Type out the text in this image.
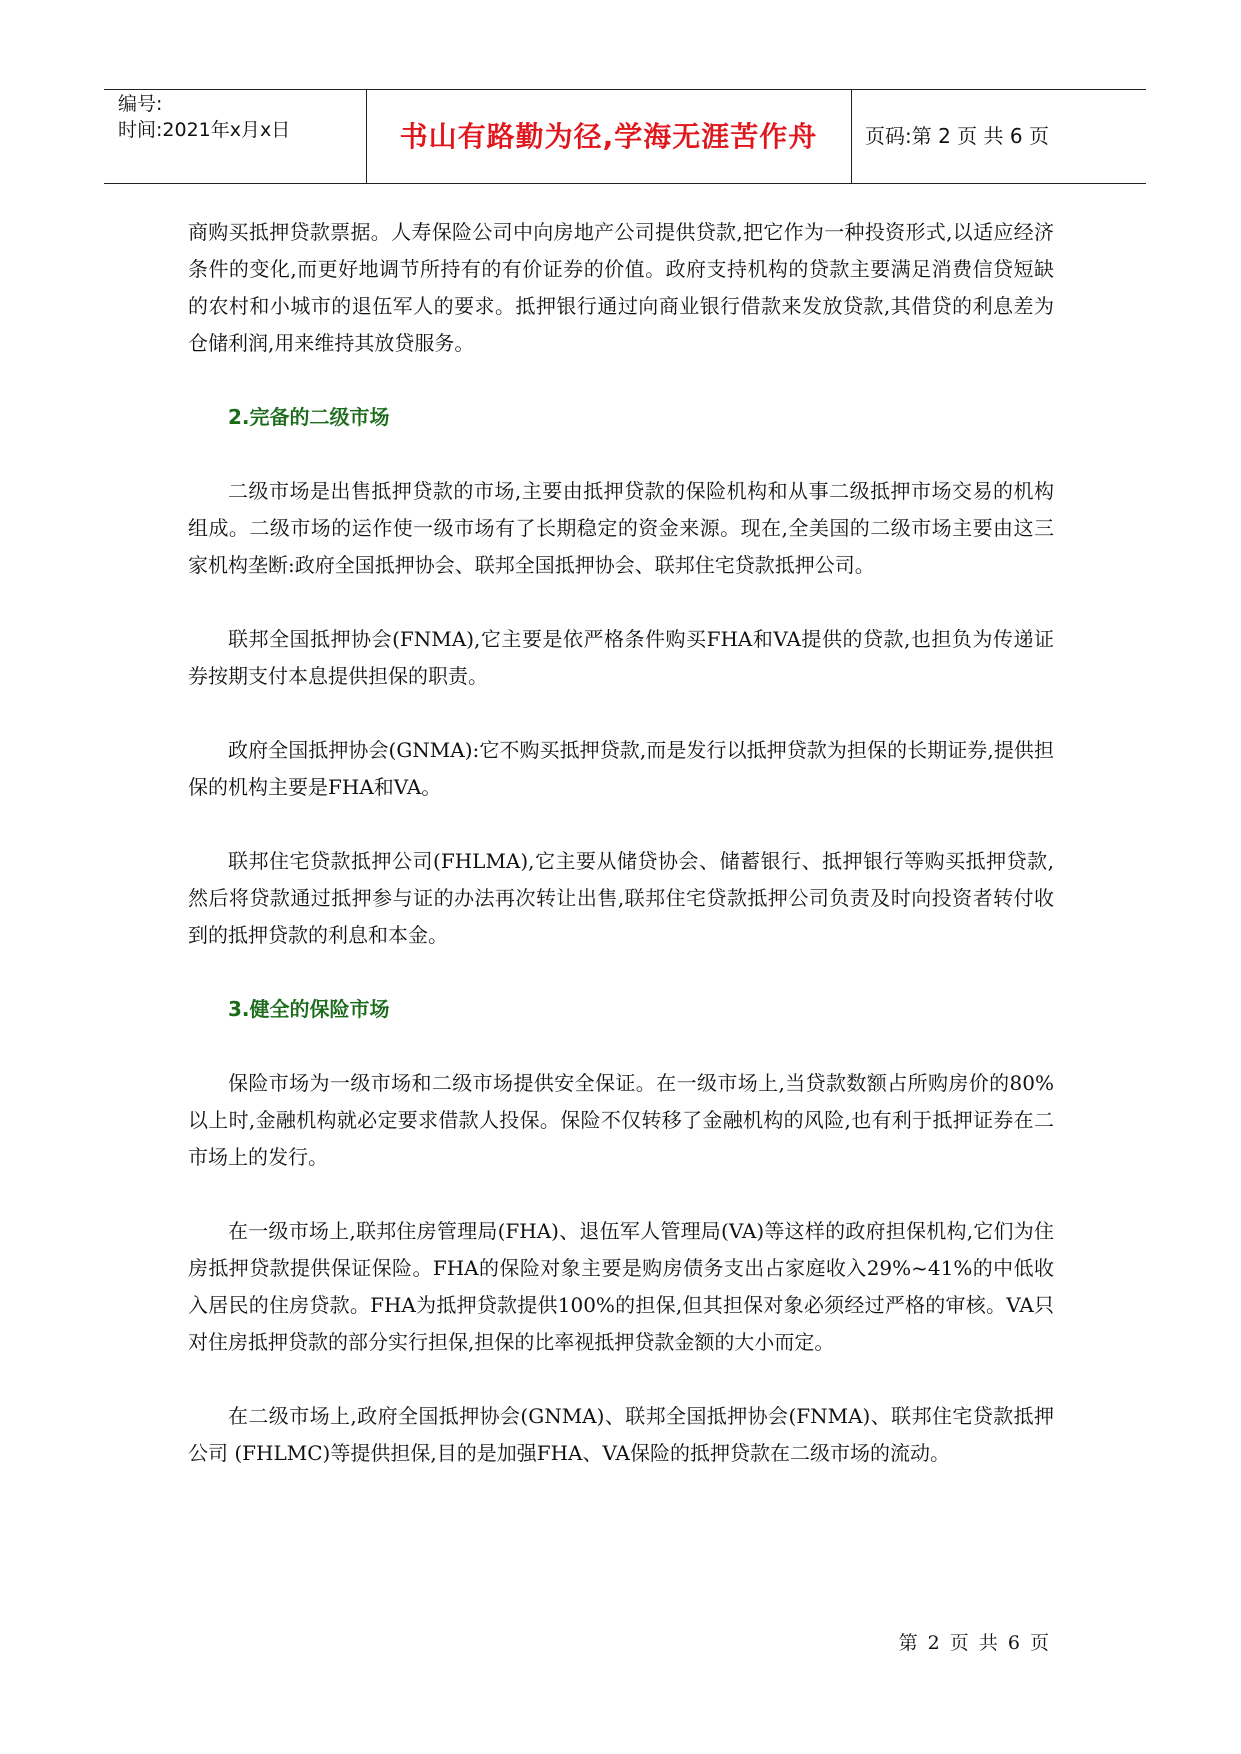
编号:
时间:2021年x月x日	书山有路勤为径,学海无涯苦作舟	页码:第 2 页 共 6 页

商购买抵押贷款票据。人寿保险公司中向房地产公司提供贷款,把它作为一种投资形式,以适应经济条件的变化,而更好地调节所持有的有价证券的价值。政府支持机构的贷款主要满足消费信贷短缺的农村和小城市的退伍军人的要求。抵押银行通过向商业银行借款来发放贷款,其借贷的利息差为仓储利润,用来维持其放贷服务。

2.完备的二级市场

二级市场是出售抵押贷款的市场,主要由抵押贷款的保险机构和从事二级抵押市场交易的机构组成。二级市场的运作使一级市场有了长期稳定的资金来源。现在,全美国的二级市场主要由这三家机构垄断:政府全国抵押协会、联邦全国抵押协会、联邦住宅贷款抵押公司。

联邦全国抵押协会(FNMA),它主要是依严格条件购买FHA和VA提供的贷款,也担负为传递证券按期支付本息提供担保的职责。

政府全国抵押协会(GNMA):它不购买抵押贷款,而是发行以抵押贷款为担保的长期证券,提供担保的机构主要是FHA和VA。

联邦住宅贷款抵押公司(FHLMA),它主要从储贷协会、储蓄银行、抵押银行等购买抵押贷款,然后将贷款通过抵押参与证的办法再次转让出售,联邦住宅贷款抵押公司负责及时向投资者转付收到的抵押贷款的利息和本金。

3.健全的保险市场

保险市场为一级市场和二级市场提供安全保证。在一级市场上,当贷款数额占所购房价的80%以上时,金融机构就必定要求借款人投保。保险不仅转移了金融机构的风险,也有利于抵押证券在二市场上的发行。

在一级市场上,联邦住房管理局(FHA)、退伍军人管理局(VA)等这样的政府担保机构,它们为住房抵押贷款提供保证保险。FHA的保险对象主要是购房债务支出占家庭收入29%~41%的中低收入居民的住房贷款。FHA为抵押贷款提供100%的担保,但其担保对象必须经过严格的审核。VA只对住房抵押贷款的部分实行担保,担保的比率视抵押贷款金额的大小而定。

在二级市场上,政府全国抵押协会(GNMA)、联邦全国抵押协会(FNMA)、联邦住宅贷款抵押公司 (FHLMC)等提供担保,目的是加强FHA、VA保险的抵押贷款在二级市场的流动。

第 2 页 共 6 页
